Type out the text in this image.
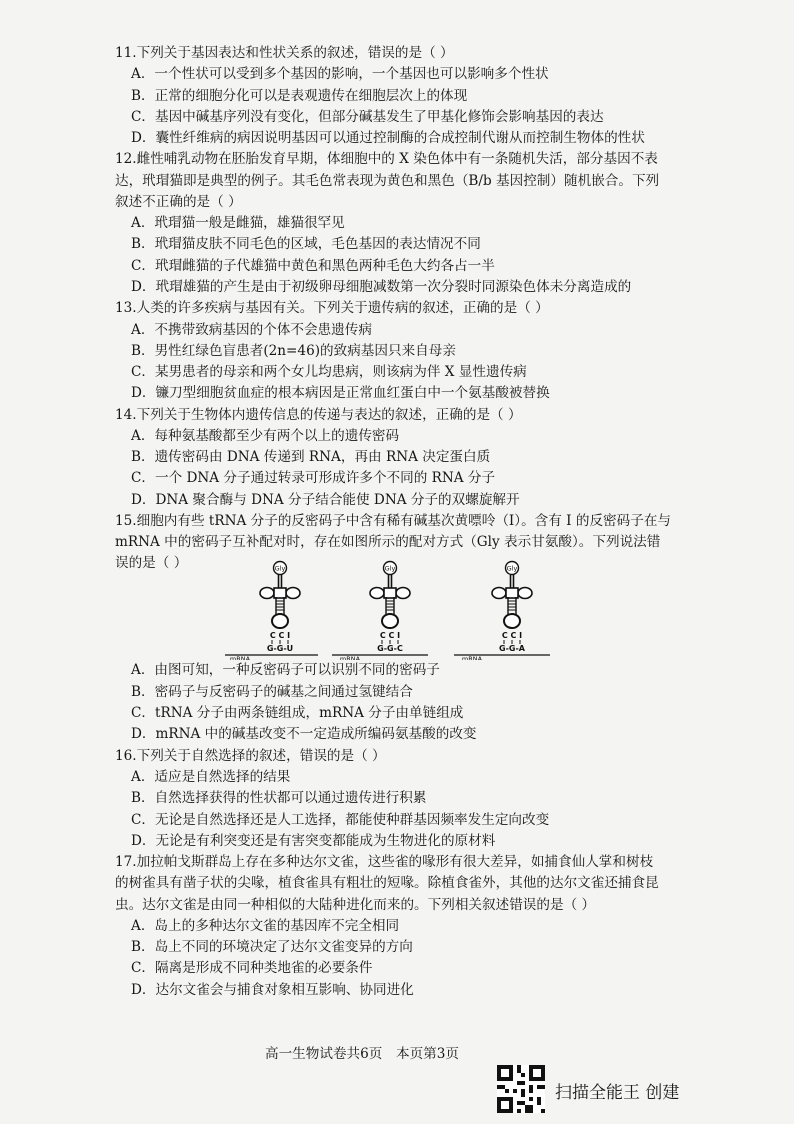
11.下列关于基因表达和性状关系的叙述，错误的是（ ）
A．一个性状可以受到多个基因的影响，一个基因也可以影响多个性状
B．正常的细胞分化可以是表观遗传在细胞层次上的体现
C．基因中碱基序列没有变化，但部分碱基发生了甲基化修饰会影响基因的表达
D．囊性纤维病的病因说明基因可以通过控制酶的合成控制代谢从而控制生物体的性状
12.雌性哺乳动物在胚胎发育早期，体细胞中的 X 染色体中有一条随机失活，部分基因不表
达，玳瑁猫即是典型的例子。其毛色常表现为黄色和黑色（B/b 基因控制）随机嵌合。下列
叙述不正确的是（ ）
A．玳瑁猫一般是雌猫，雄猫很罕见
B．玳瑁猫皮肤不同毛色的区域，毛色基因的表达情况不同
C．玳瑁雌猫的子代雄猫中黄色和黑色两种毛色大约各占一半
D．玳瑁雄猫的产生是由于初级卵母细胞减数第一次分裂时同源染色体未分离造成的
13.人类的许多疾病与基因有关。下列关于遗传病的叙述，正确的是（ ）
A．不携带致病基因的个体不会患遗传病
B．男性红绿色盲患者(2n=46)的致病基因只来自母亲
C．某男患者的母亲和两个女儿均患病，则该病为伴 X 显性遗传病
D．镰刀型细胞贫血症的根本病因是正常血红蛋白中一个氨基酸被替换
14.下列关于生物体内遗传信息的传递与表达的叙述，正确的是（ ）
A．每种氨基酸都至少有两个以上的遗传密码
B．遗传密码由 DNA 传递到 RNA，再由 RNA 决定蛋白质
C．一个 DNA 分子通过转录可形成许多个不同的 RNA 分子
D．DNA 聚合酶与 DNA 分子结合能使 DNA 分子的双螺旋解开
15.细胞内有些 tRNA 分子的反密码子中含有稀有碱基次黄嘌呤（I）。含有 I 的反密码子在与
mRNA 中的密码子互补配对时，存在如图所示的配对方式（Gly 表示甘氨酸）。下列说法错
误的是（ ）	Gly
C C I
G-G-U
mRNA
Gly
C C I
G-G-C
mRNA
Gly
C C I
G-G-A
mRNA
A．由图可知，一种反密码子可以识别不同的密码子
B．密码子与反密码子的碱基之间通过氢键结合
C．tRNA 分子由两条链组成，mRNA 分子由单链组成
D．mRNA 中的碱基改变不一定造成所编码氨基酸的改变
16.下列关于自然选择的叙述，错误的是（ ）
A．适应是自然选择的结果
B．自然选择获得的性状都可以通过遗传进行积累
C．无论是自然选择还是人工选择，都能使种群基因频率发生定向改变
D．无论是有利突变还是有害突变都能成为生物进化的原材料
17.加拉帕戈斯群岛上存在多种达尔文雀，这些雀的喙形有很大差异，如捕食仙人掌和树枝
的树雀具有凿子状的尖喙，植食雀具有粗壮的短喙。除植食雀外，其他的达尔文雀还捕食昆
虫。达尔文雀是由同一种相似的大陆种进化而来的。下列相关叙述错误的是（ ）
A．岛上的多种达尔文雀的基因库不完全相同
B．岛上不同的环境决定了达尔文雀变异的方向
C．隔离是形成不同种类地雀的必要条件
D．达尔文雀会与捕食对象相互影响、协同进化
高一生物试卷共6页　本页第3页
扫描全能王 创建
